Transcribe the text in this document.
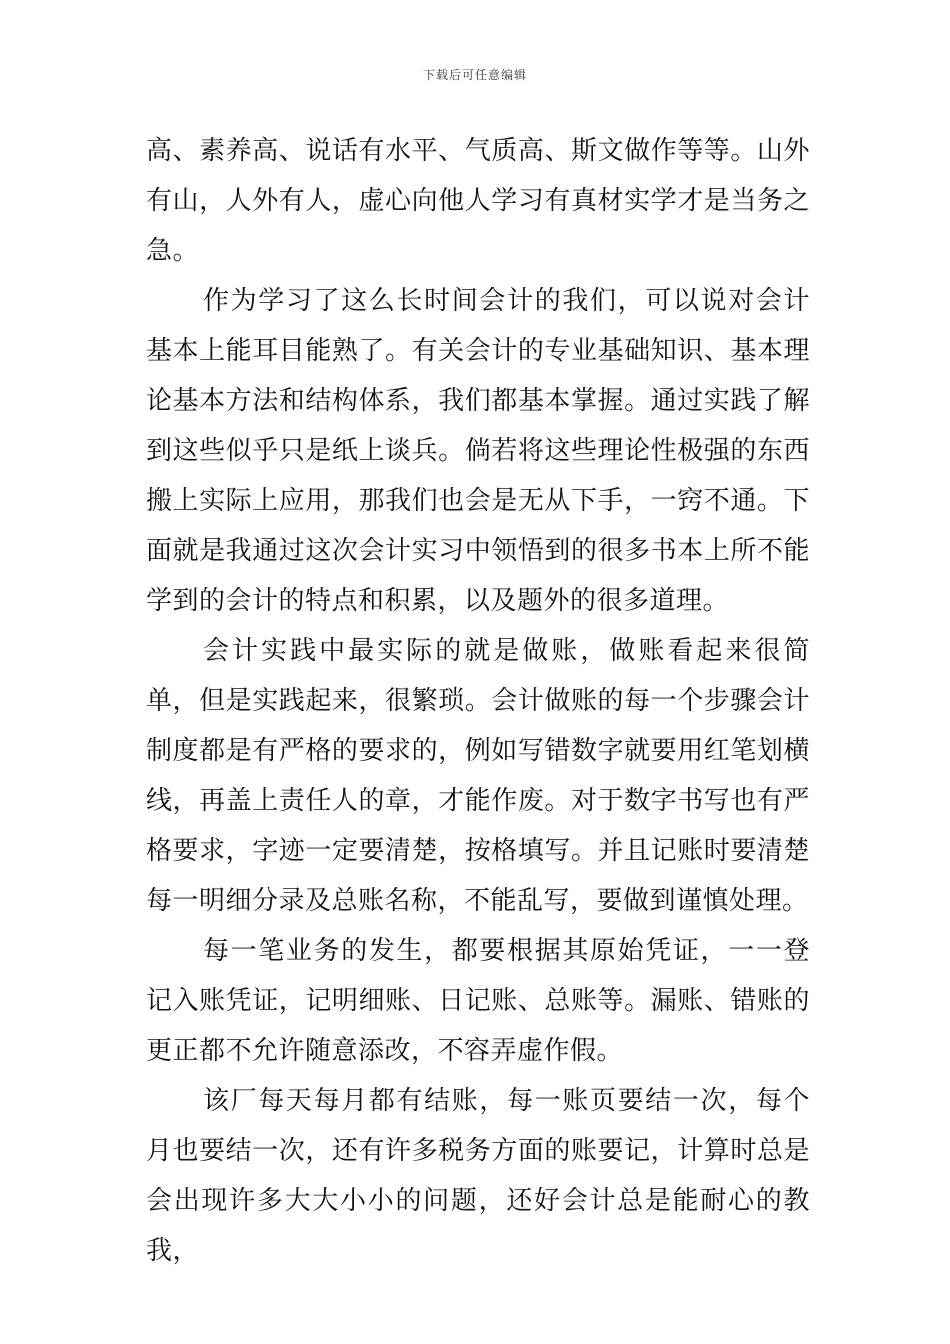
下载后可任意编辑

高、素养高、说话有水平、气质高、斯文做作等等。山外有山，人外有人，虚心向他人学习有真材实学才是当务之急。

作为学习了这么长时间会计的我们，可以说对会计基本上能耳目能熟了。有关会计的专业基础知识、基本理论基本方法和结构体系，我们都基本掌握。通过实践了解到这些似乎只是纸上谈兵。倘若将这些理论性极强的东西搬上实际上应用，那我们也会是无从下手，一窍不通。下面就是我通过这次会计实习中领悟到的很多书本上所不能学到的会计的特点和积累，以及题外的很多道理。

会计实践中最实际的就是做账，做账看起来很简单，但是实践起来，很繁琐。会计做账的每一个步骤会计制度都是有严格的要求的，例如写错数字就要用红笔划横线，再盖上责任人的章，才能作废。对于数字书写也有严格要求，字迹一定要清楚，按格填写。并且记账时要清楚每一明细分录及总账名称，不能乱写，要做到谨慎处理。

每一笔业务的发生，都要根据其原始凭证，一一登记入账凭证，记明细账、日记账、总账等。漏账、错账的更正都不允许随意添改，不容弄虚作假。

该厂每天每月都有结账，每一账页要结一次，每个月也要结一次，还有许多税务方面的账要记，计算时总是会出现许多大大小小的问题，还好会计总是能耐心的教我，
